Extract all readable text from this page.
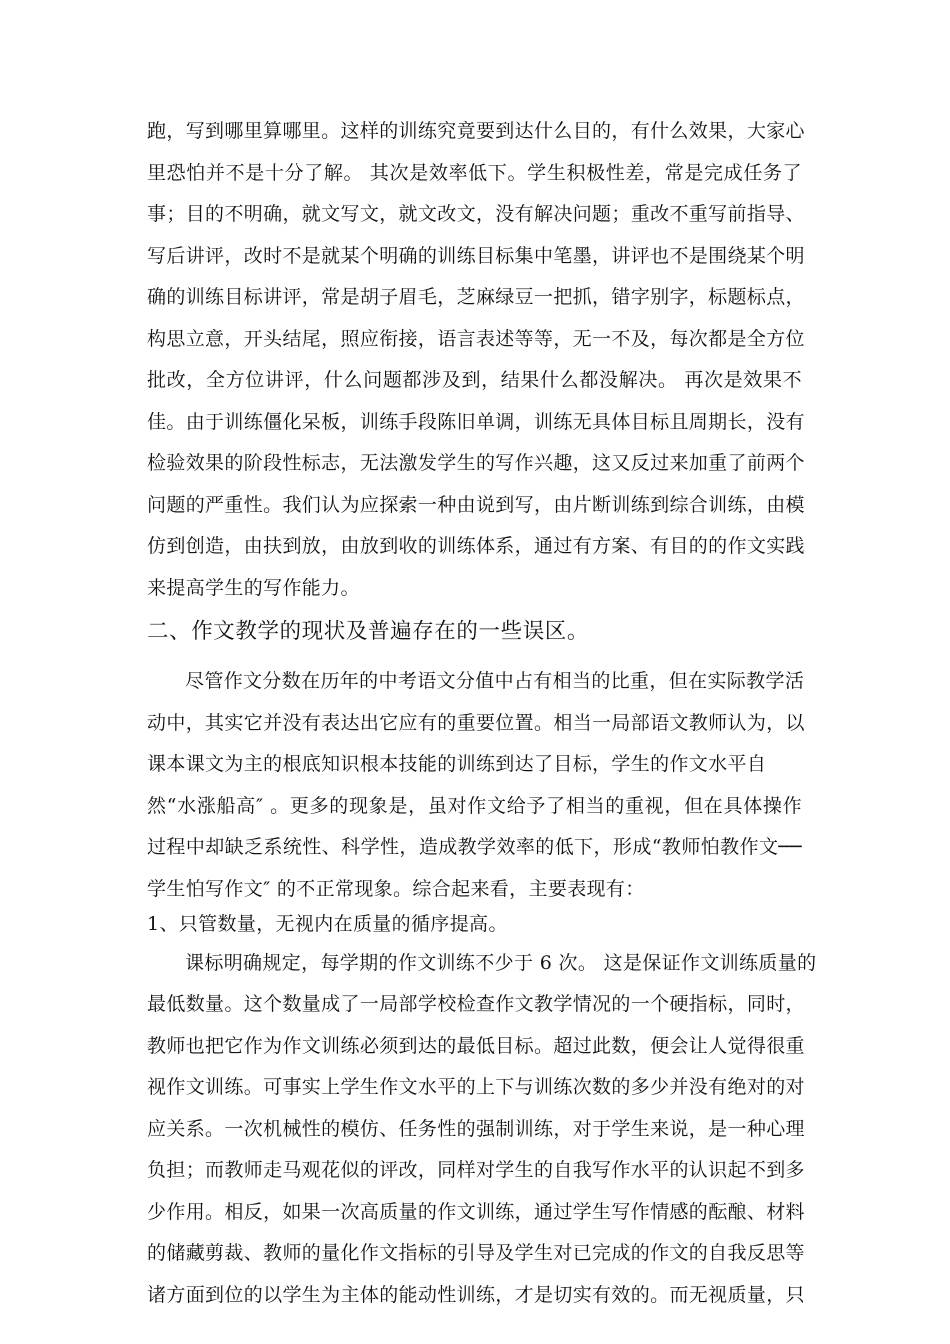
跑，写到哪里算哪里。这样的训练究竟要到达什么目的，有什么效果，大家心
里恐怕并不是十分了解。 其次是效率低下。学生积极性差，常是完成任务了
事；目的不明确，就文写文，就文改文，没有解决问题；重改不重写前指导、
写后讲评，改时不是就某个明确的训练目标集中笔墨，讲评也不是围绕某个明
确的训练目标讲评，常是胡子眉毛，芝麻绿豆一把抓，错字别字，标题标点，
构思立意，开头结尾，照应衔接，语言表述等等，无一不及，每次都是全方位
批改，全方位讲评，什么问题都涉及到，结果什么都没解决。 再次是效果不
佳。由于训练僵化呆板，训练手段陈旧单调，训练无具体目标且周期长，没有
检验效果的阶段性标志，无法激发学生的写作兴趣，这又反过来加重了前两个
问题的严重性。我们认为应探索一种由说到写，由片断训练到综合训练，由模
仿到创造，由扶到放，由放到收的训练体系，通过有方案、有目的的作文实践
来提高学生的写作能力。
二、作文教学的现状及普遍存在的一些误区。
尽管作文分数在历年的中考语文分值中占有相当的比重，但在实际教学活
动中，其实它并没有表达出它应有的重要位置。相当一局部语文教师认为，以
课本课文为主的根底知识根本技能的训练到达了目标，学生的作文水平自
然“水涨船高″ 。更多的现象是，虽对作文给予了相当的重视，但在具体操作
过程中却缺乏系统性、科学性，造成教学效率的低下，形成“教师怕教作文──
学生怕写作文″ 的不正常现象。综合起来看，主要表现有：
1、只管数量，无视内在质量的循序提高。
课标明确规定，每学期的作文训练不少于 6 次。 这是保证作文训练质量的
最低数量。这个数量成了一局部学校检查作文教学情况的一个硬指标，同时，
教师也把它作为作文训练必须到达的最低目标。超过此数，便会让人觉得很重
视作文训练。可事实上学生作文水平的上下与训练次数的多少并没有绝对的对
应关系。一次机械性的模仿、任务性的强制训练，对于学生来说，是一种心理
负担；而教师走马观花似的评改，同样对学生的自我写作水平的认识起不到多
少作用。相反，如果一次高质量的作文训练，通过学生写作情感的酝酿、材料
的储藏剪裁、教师的量化作文指标的引导及学生对已完成的作文的自我反思等
诸方面到位的以学生为主体的能动性训练，才是切实有效的。而无视质量，只
